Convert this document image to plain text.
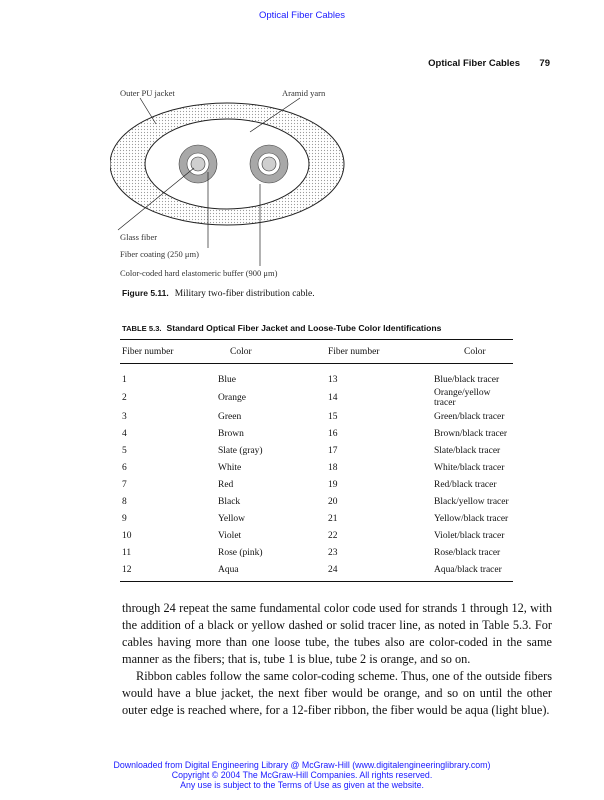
Optical Fiber Cables
Optical Fiber Cables 79
Outer PU jacket	Aramid yarn
Glass fiber
Fiber coating (250 μm)
Color-coded hard elastomeric buffer (900 μm)
Figure 5.11. Military two-fiber distribution cable.
TABLE 5.3. Standard Optical Fiber Jacket and Loose-Tube Color Identifications
Fiber number	Color	Fiber number	Color
1	Blue	13	Blue/black tracer
2	Orange	14	Orange/yellow tracer
3	Green	15	Green/black tracer
4	Brown	16	Brown/black tracer
5	Slate (gray)	17	Slate/black tracer
6	White	18	White/black tracer
7	Red	19	Red/black tracer
8	Black	20	Black/yellow tracer
9	Yellow	21	Yellow/black tracer
10	Violet	22	Violet/black tracer
11	Rose (pink)	23	Rose/black tracer
12	Aqua	24	Aqua/black tracer

through 24 repeat the same fundamental color code used for strands 1 through 12, with the addition of a black or yellow dashed or solid tracer line, as noted in Table 5.3. For cables having more than one loose tube, the tubes also are color-coded in the same manner as the fibers; that is, tube 1 is blue, tube 2 is orange, and so on.

Ribbon cables follow the same color-coding scheme. Thus, one of the outside fibers would have a blue jacket, the next fiber would be orange, and so on until the other outer edge is reached where, for a 12-fiber ribbon, the fiber would be aqua (light blue).

Downloaded from Digital Engineering Library @ McGraw-Hill (www.digitalengineeringlibrary.com)
Copyright © 2004 The McGraw-Hill Companies. All rights reserved.
Any use is subject to the Terms of Use as given at the website.
